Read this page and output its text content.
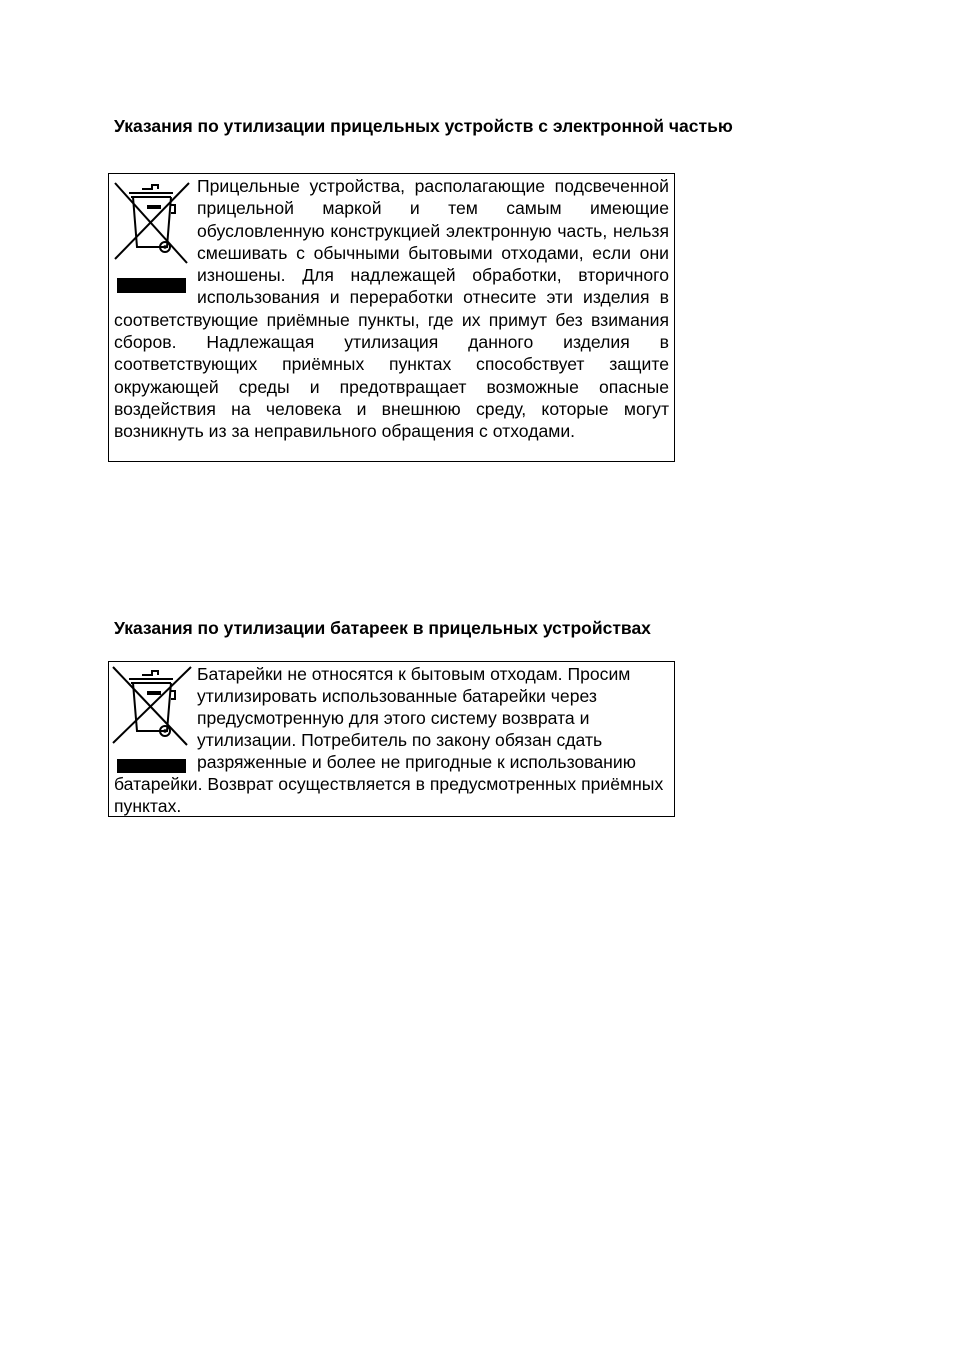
Указания по утилизации прицельных устройств с электронной частью

Прицельные устройства, располагающие подсвеченной прицельной маркой и тем самым имеющие обусловленную конструкцией электронную часть, нельзя смешивать с обычными бытовыми отходами, если они изношены. Для надлежащей обработки, вторичного использования и переработки отнесите эти изделия в соответствующие приёмные пункты, где их примут без взимания сборов. Надлежащая утилизация данного изделия в соответствующих приёмных пунктах способствует защите окружающей среды и предотвращает возможные опасные воздействия на человека и внешнюю среду, которые могут возникнуть из за неправильного обращения с отходами.

Указания по утилизации батареек в прицельных устройствах

Батарейки не относятся к бытовым отходам. Просим утилизировать использованные батарейки через предусмотренную для этого систему возврата и утилизации. Потребитель по закону обязан сдать разряженные и более не пригодные к использованию батарейки. Возврат осуществляется в предусмотренных приёмных пунктах.
